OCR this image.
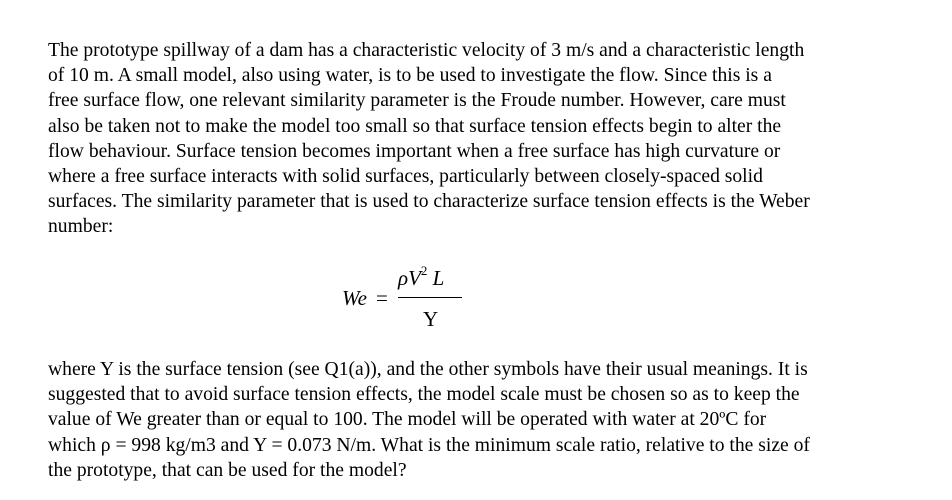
The prototype spillway of a dam has a characteristic velocity of 3 m/s and a characteristic length
of 10 m. A small model, also using water, is to be used to investigate the flow. Since this is a
free surface flow, one relevant similarity parameter is the Froude number. However, care must
also be taken not to make the model too small so that surface tension effects begin to alter the
flow behaviour. Surface tension becomes important when a free surface has high curvature or
where a free surface interacts with solid surfaces, particularly between closely-spaced solid
surfaces. The similarity parameter that is used to characterize surface tension effects is the Weber
number:
We =
$\rho V^2$ L
Y
where Y is the surface tension (see Q1(a)), and the other symbols have their usual meanings. It is
suggested that to avoid surface tension effects, the model scale must be chosen so as to keep the
value of We greater than or equal to 100. The model will be operated with water at 20ºC for
which ρ = 998 kg/m3 and Y = 0.073 N/m. What is the minimum scale ratio, relative to the size of
the prototype, that can be used for the model?
